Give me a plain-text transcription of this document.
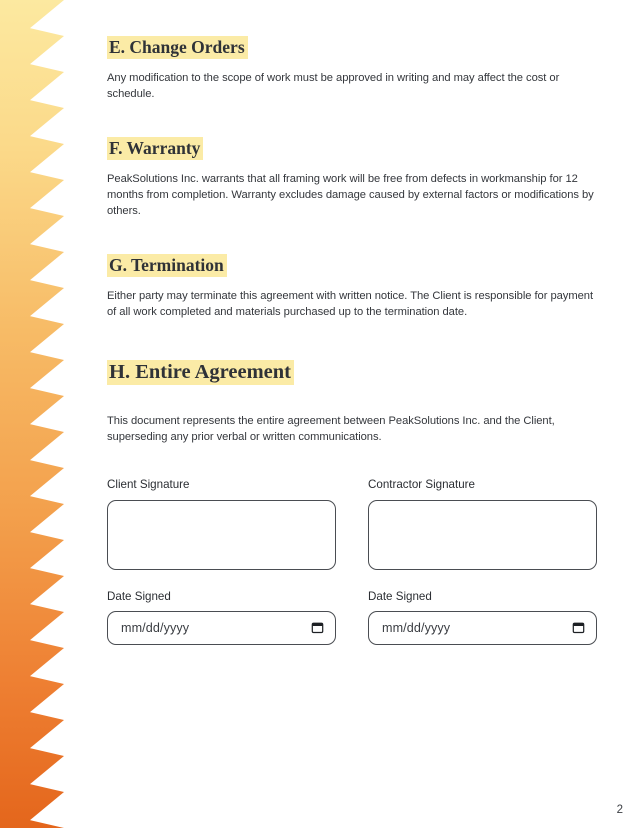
E. Change Orders

Any modification to the scope of work must be approved in writing and may affect the cost or schedule.

F. Warranty

PeakSolutions Inc. warrants that all framing work will be free from defects in workmanship for 12 months from completion. Warranty excludes damage caused by external factors or modifications by others.

G. Termination

Either party may terminate this agreement with written notice. The Client is responsible for payment of all work completed and materials purchased up to the termination date.

H. Entire Agreement

This document represents the entire agreement between PeakSolutions Inc. and the Client, superseding any prior verbal or written communications.

Client Signature	Contractor Signature
Date Signed
mm/dd/yyyy
Date Signed
mm/dd/yyyy
2
